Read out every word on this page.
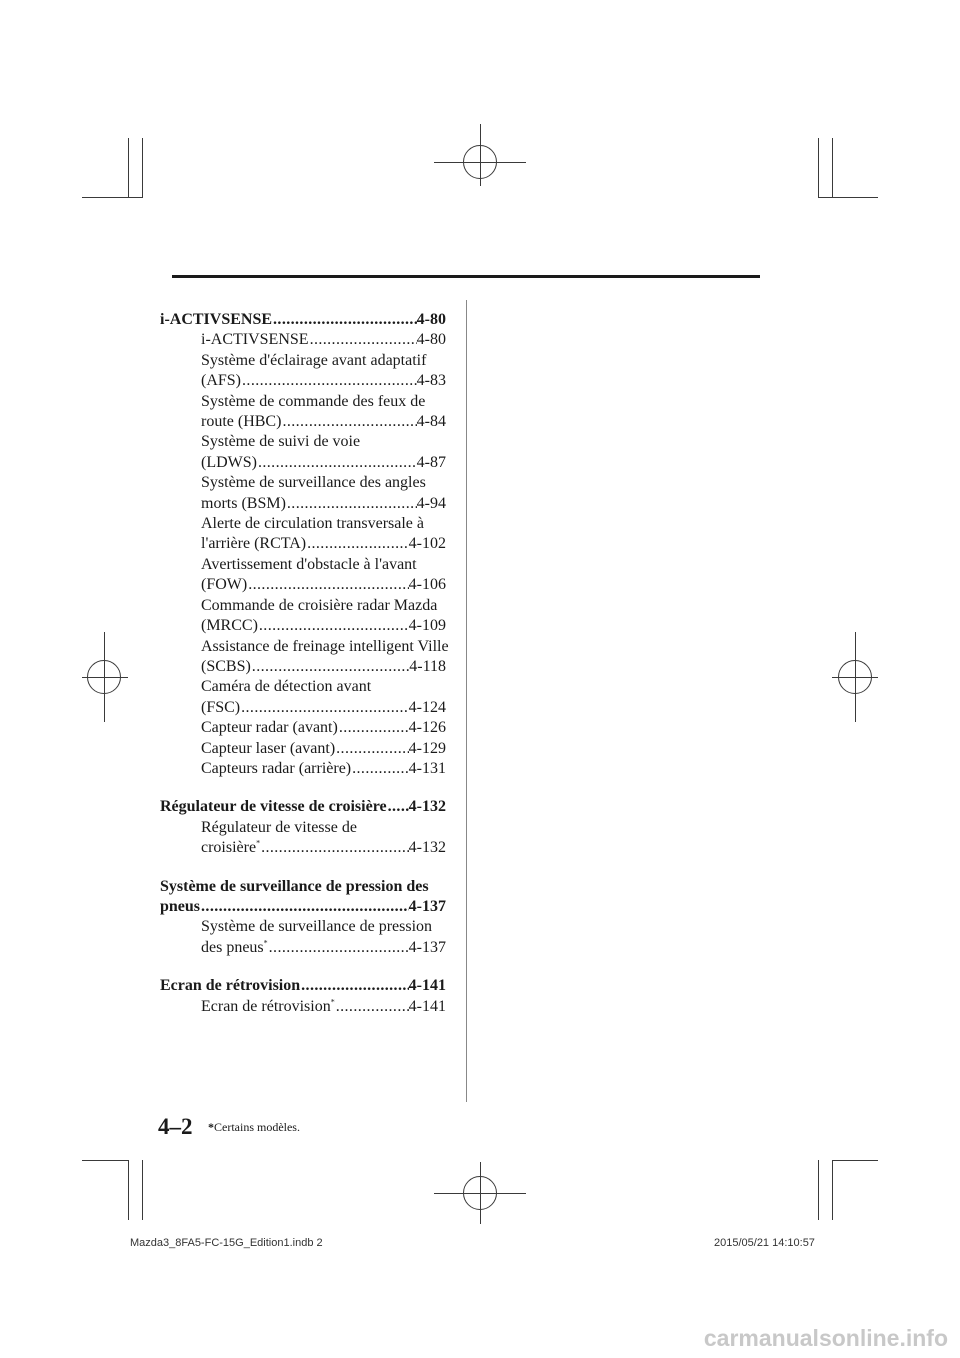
i-ACTIVSENSE .....	4-80
i-ACTIVSENSE .....	4-80
Système d'éclairage avant adaptatif
(AFS) .....	4-83
Système de commande des feux de
route (HBC) .....	4-84
Système de suivi de voie
(LDWS) .....	4-87
Système de surveillance des angles
morts (BSM) .....	4-94
Alerte de circulation transversale à
l'arrière (RCTA) .....	4-102
Avertissement d'obstacle à l'avant
(FOW) .....	4-106
Commande de croisière radar Mazda
(MRCC) .....	4-109
Assistance de freinage intelligent Ville
(SCBS) .....	4-118
Caméra de détection avant
(FSC) .....	4-124
Capteur radar (avant) .....	4-126
Capteur laser (avant) .....	4-129
Capteurs radar (arrière) .....	4-131
Régulateur de vitesse de croisière ..... 4-132
Régulateur de vitesse de
croisière* .....	4-132
Système de surveillance de pression des
pneus .....	4-137
Système de surveillance de pression
des pneus* .....	4-137
Ecran de rétrovision .....	4-141
Ecran de rétrovision* .....	4-141
4–2 *Certains modèles.
Mazda3_8FA5-FC-15G_Edition1.indb 2	2015/05/21 14:10:57
carmanualsonline.info
